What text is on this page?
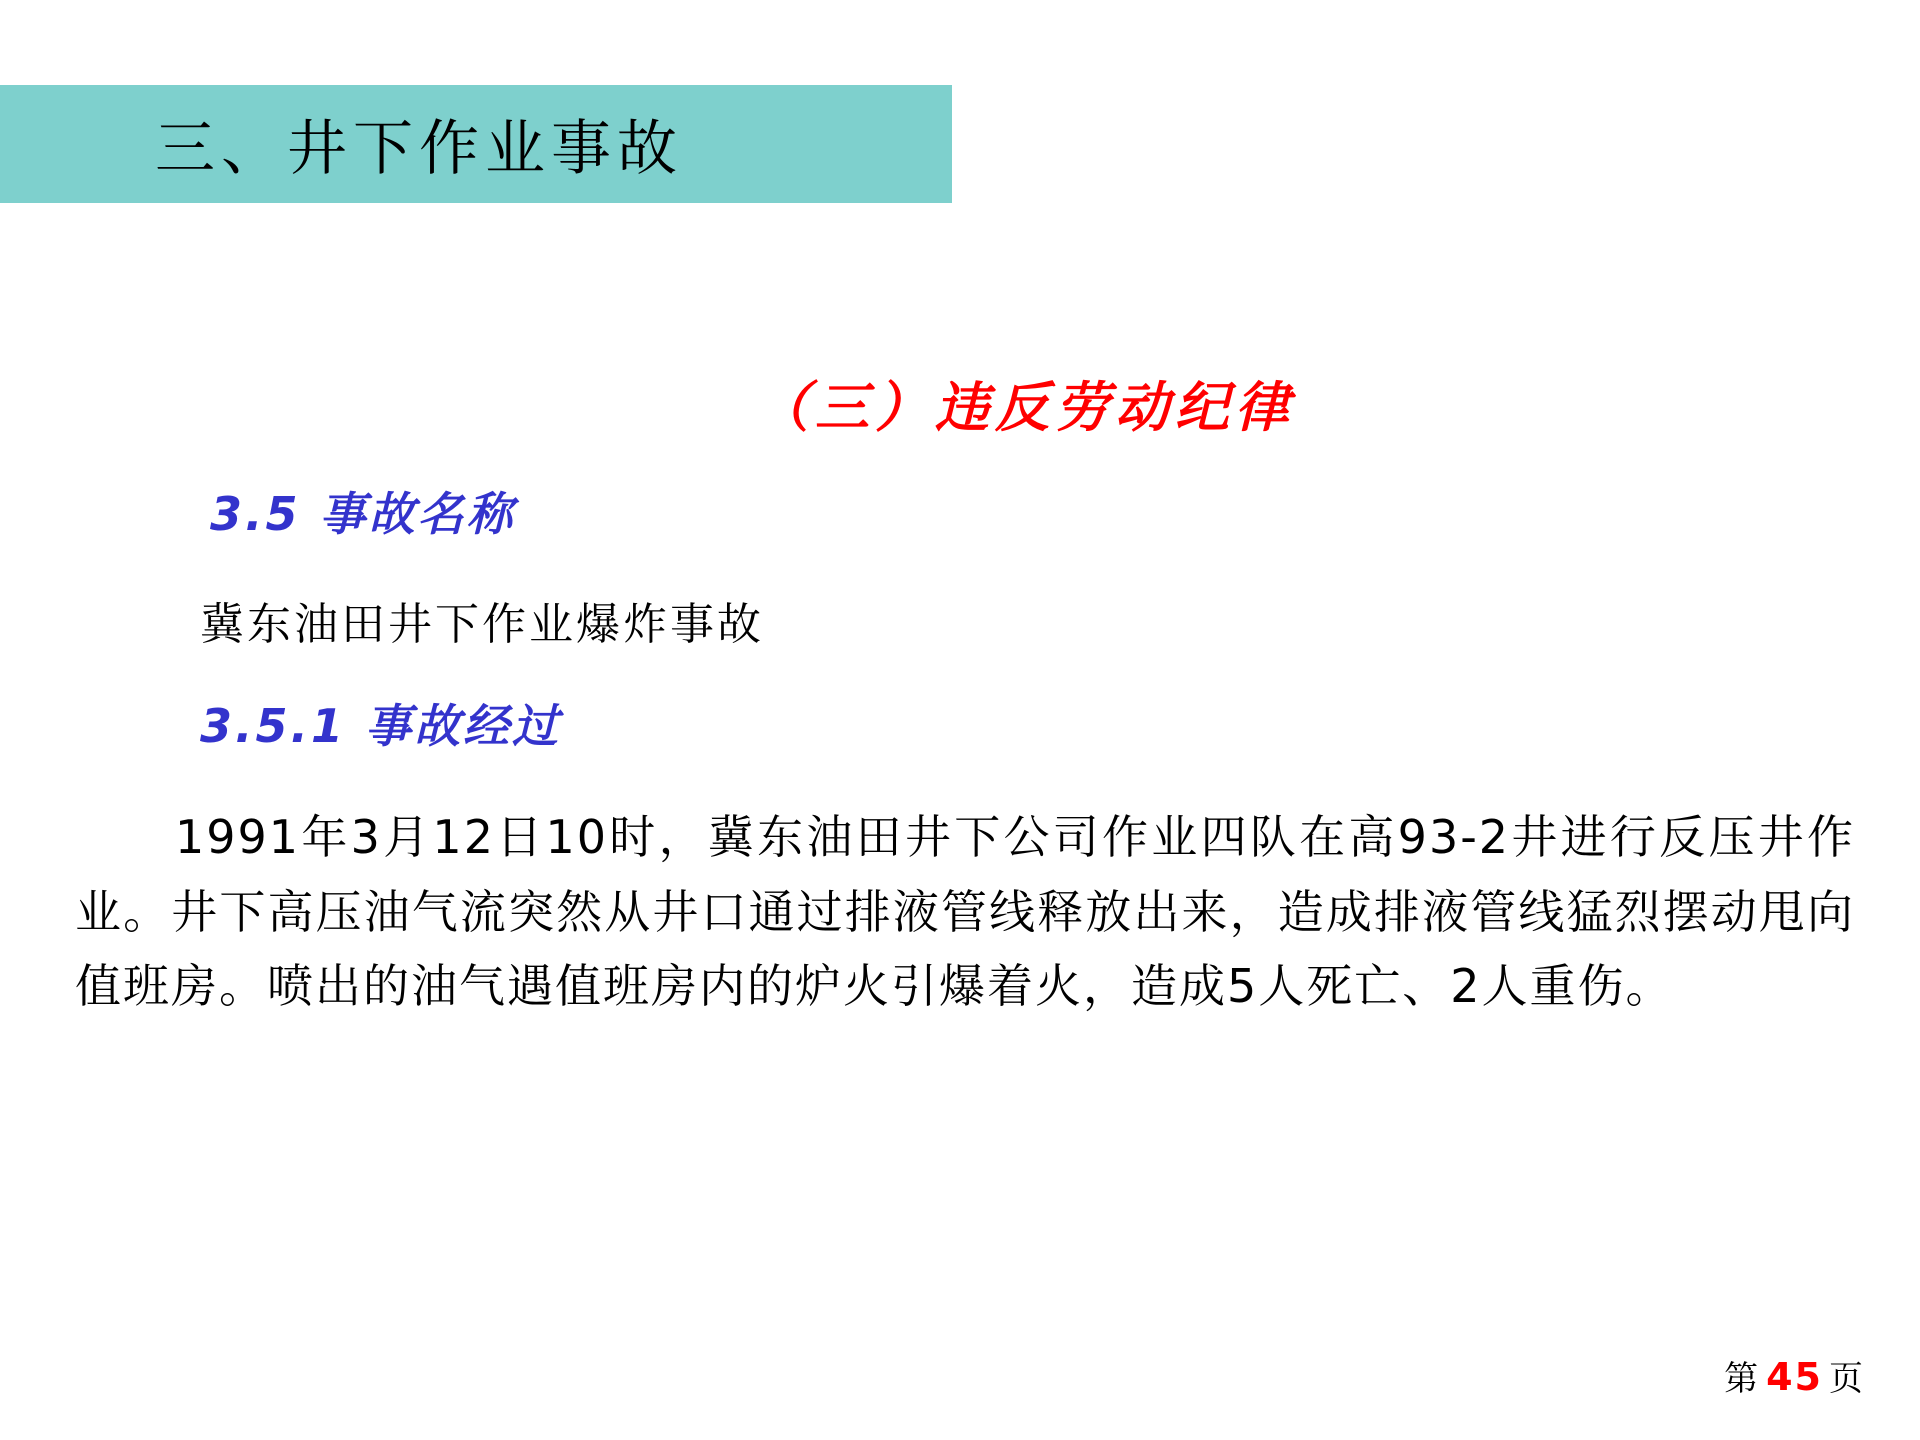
三、井下作业事故
（三）违反劳动纪律
3.5 事故名称
冀东油田井下作业爆炸事故
3.5.1 事故经过
1991年3月12日10时，冀东油田井下公司作业四队在高93-2井进行反压井作业。井下高压油气流突然从井口通过排液管线释放出来，造成排液管线猛烈摆动甩向值班房。喷出的油气遇值班房内的炉火引爆着火，造成5人死亡、2人重伤。
第 45 页
